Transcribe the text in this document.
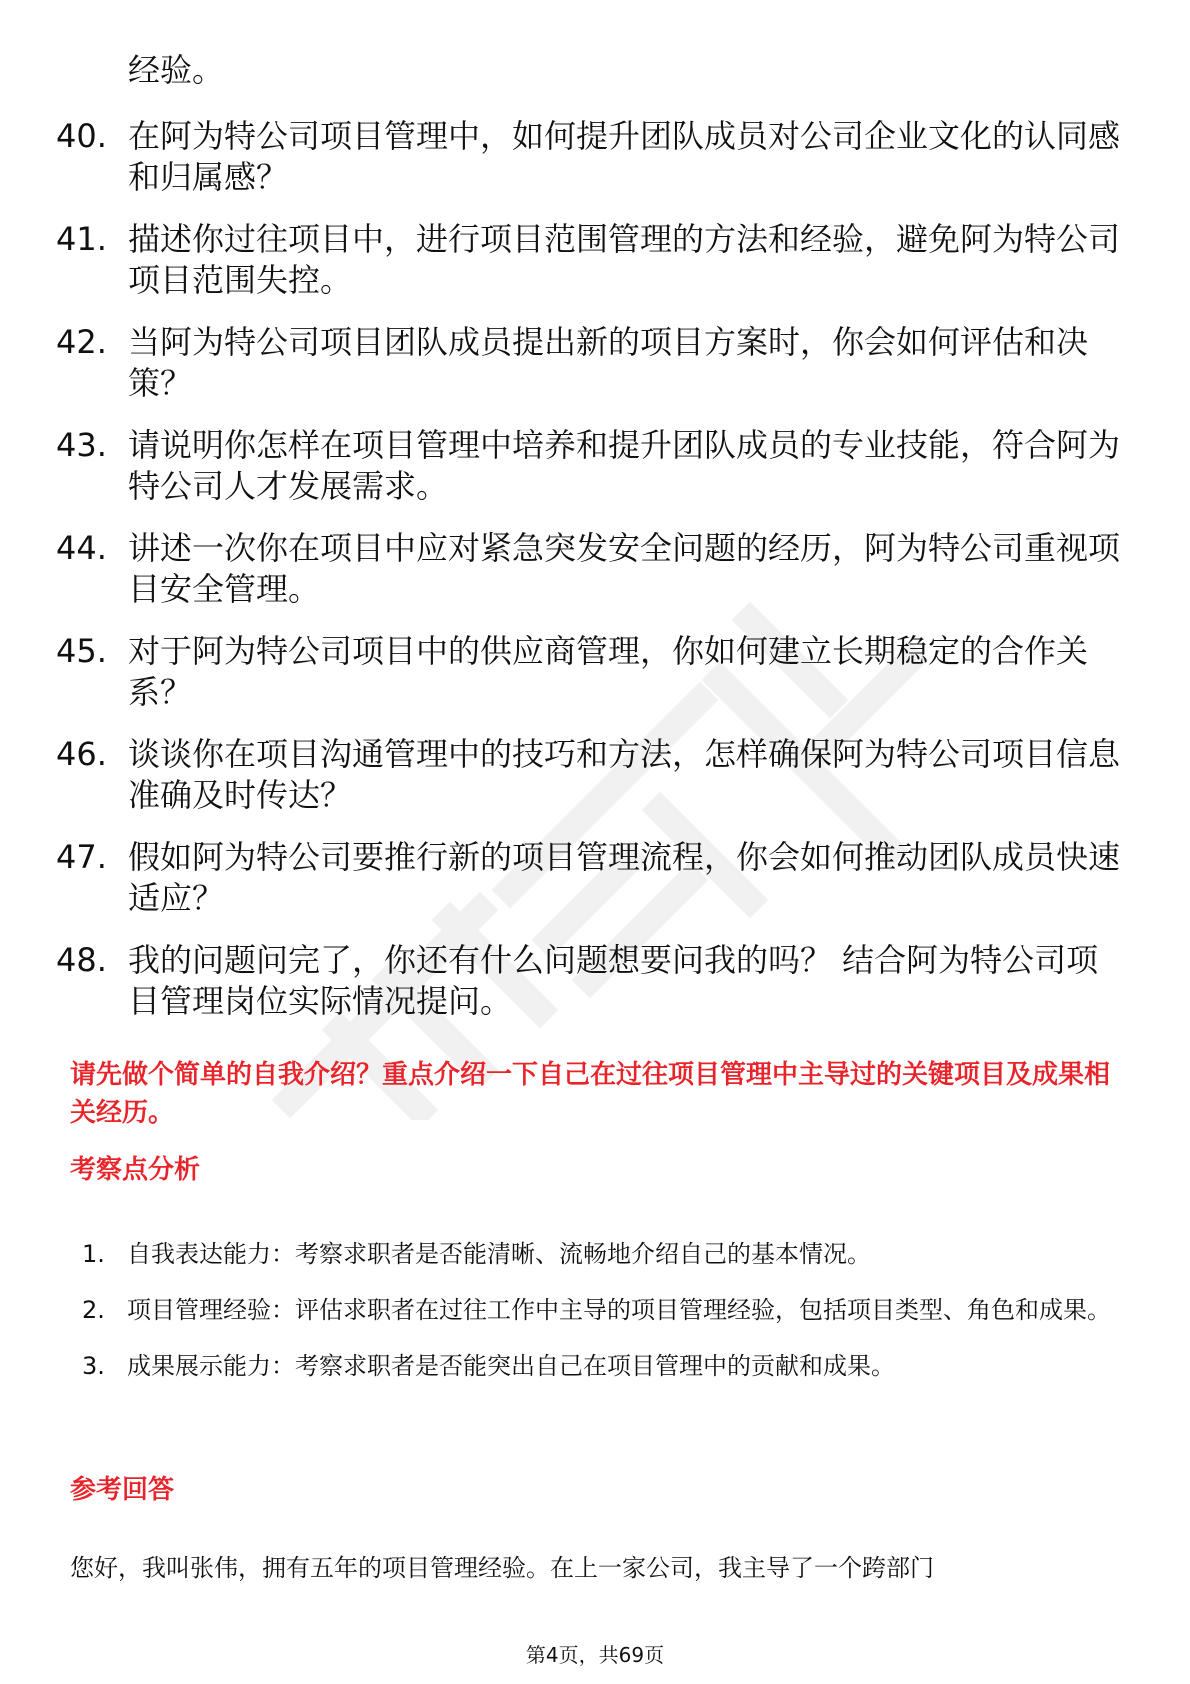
经验。

40. 在阿为特公司项目管理中，如何提升团队成员对公司企业文化的认同感和归属感？
41. 描述你过往项目中，进行项目范围管理的方法和经验，避免阿为特公司项目范围失控。
42. 当阿为特公司项目团队成员提出新的项目方案时，你会如何评估和决策？
43. 请说明你怎样在项目管理中培养和提升团队成员的专业技能，符合阿为特公司人才发展需求。
44. 讲述一次你在项目中应对紧急突发安全问题的经历，阿为特公司重视项目安全管理。
45. 对于阿为特公司项目中的供应商管理，你如何建立长期稳定的合作关系？
46. 谈谈你在项目沟通管理中的技巧和方法，怎样确保阿为特公司项目信息准确及时传达？
47. 假如阿为特公司要推行新的项目管理流程，你会如何推动团队成员快速适应？
48. 我的问题问完了，你还有什么问题想要问我的吗？ 结合阿为特公司项目管理岗位实际情况提问。

请先做个简单的自我介绍？重点介绍一下自己在过往项目管理中主导过的关键项目及成果相关经历。

考察点分析
1. 自我表达能力：考察求职者是否能清晰、流畅地介绍自己的基本情况。
2. 项目管理经验：评估求职者在过往工作中主导的项目管理经验，包括项目类型、角色和成果。
3. 成果展示能力：考察求职者是否能突出自己在项目管理中的贡献和成果。
参考回答

您好，我叫张伟，拥有五年的项目管理经验。在上一家公司，我主导了一个跨部门

第4页，共69页
